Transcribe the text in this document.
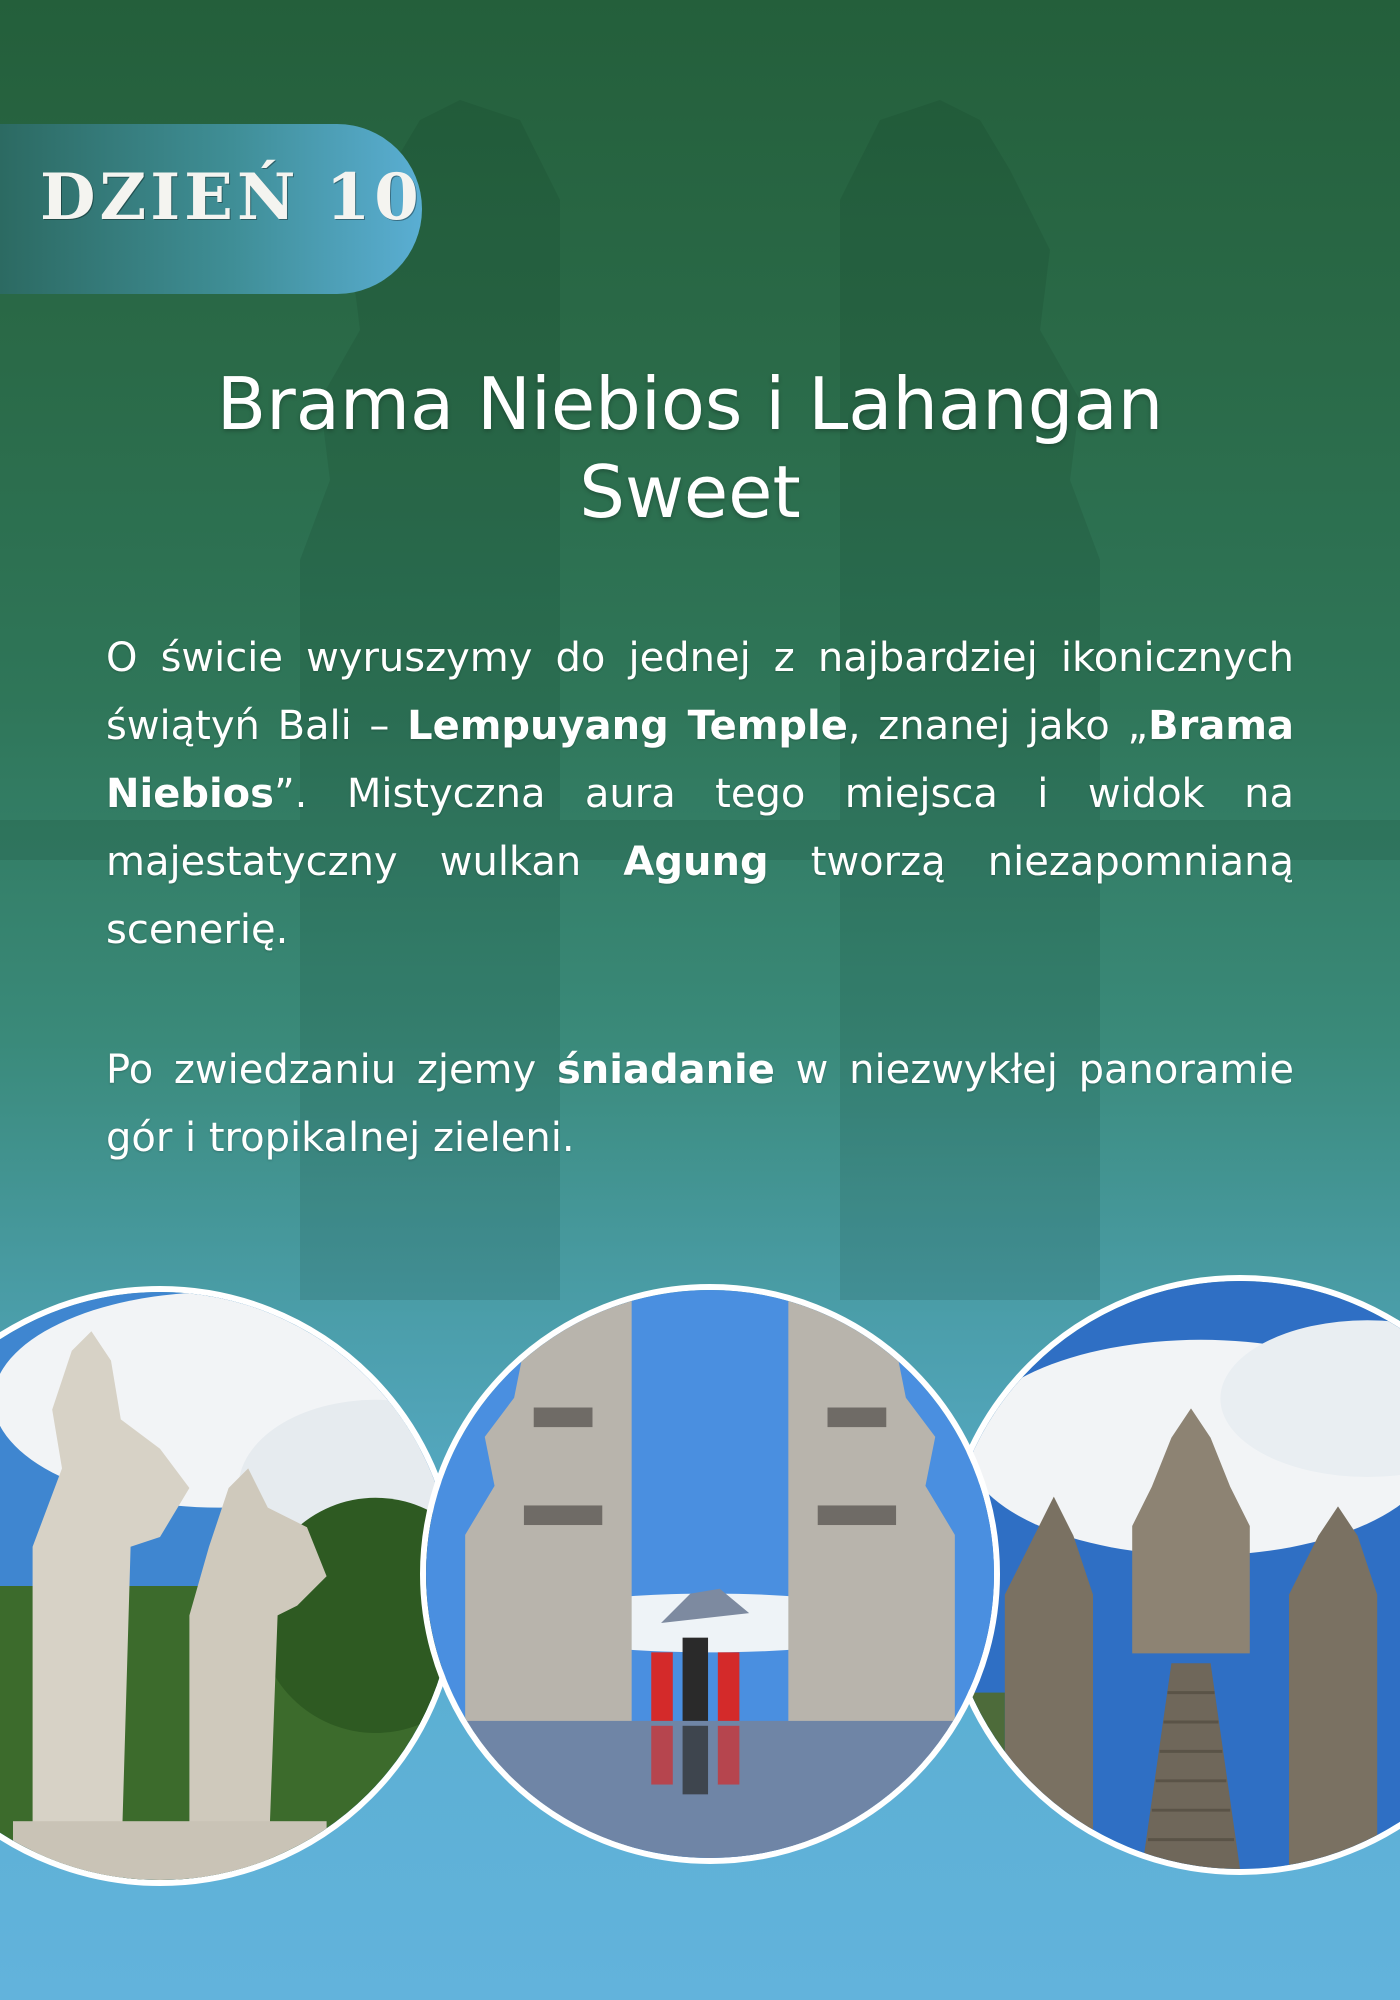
DZIEŃ 10
Brama Niebios i Lahangan
Sweet

O świcie wyruszymy do jednej z najbardziej ikonicznych świątyń Bali – Lempuyang Temple, znanej jako „Brama Niebios”. Mistyczna aura tego miejsca i widok na majestatyczny wulkan Agung tworzą niezapomnianą scenerię.

Po zwiedzaniu zjemy śniadanie w niezwykłej panoramie gór i tropikalnej zieleni.
